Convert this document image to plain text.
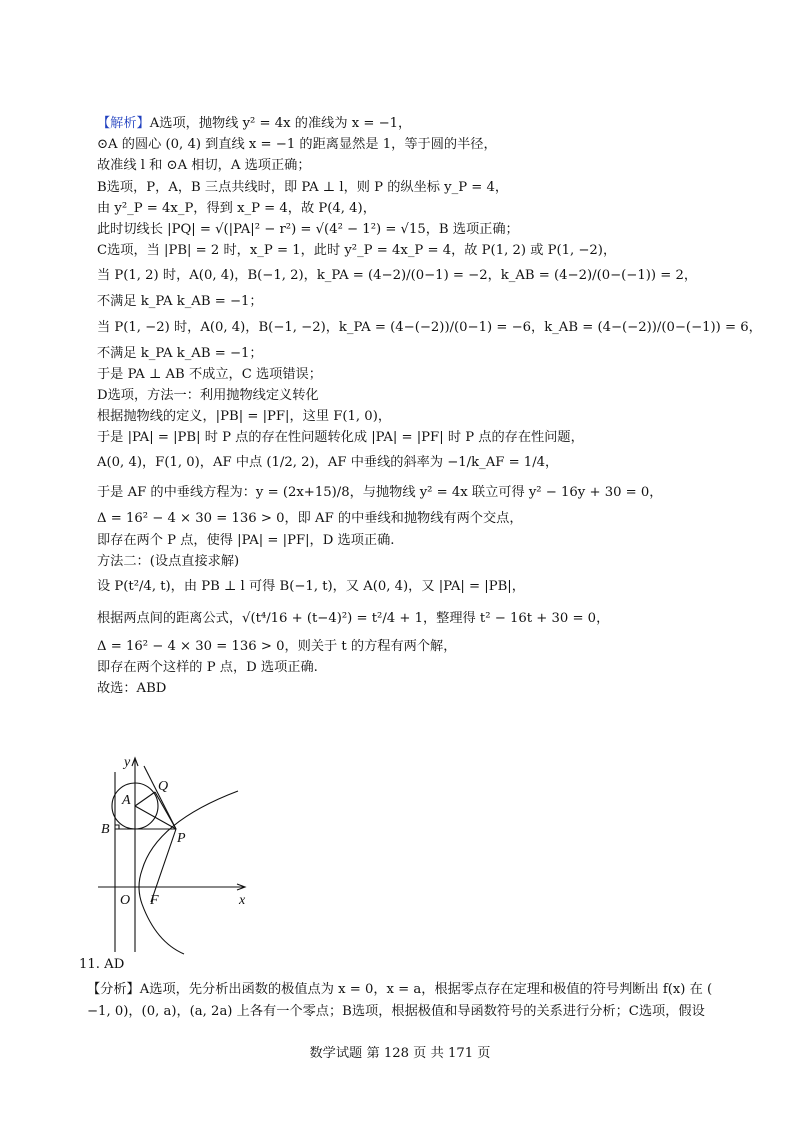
【解析】A选项，抛物线 y² = 4x 的准线为 x = −1，
⊙A 的圆心 (0, 4) 到直线 x = −1 的距离显然是 1，等于圆的半径，
故准线 l 和 ⊙A 相切，A 选项正确；
B选项，P，A，B 三点共线时，即 PA ⊥ l，则 P 的纵坐标 y_P = 4，
由 y²_P = 4x_P，得到 x_P = 4，故 P(4, 4)，
此时切线长 |PQ| = √(|PA|² − r²) = √(4² − 1²) = √15，B 选项正确；
C选项，当 |PB| = 2 时，x_P = 1，此时 y²_P = 4x_P = 4，故 P(1, 2) 或 P(1, −2)，
当 P(1, 2) 时，A(0, 4)，B(−1, 2)，k_PA = (4−2)/(0−1) = −2，k_AB = (4−2)/(0−(−1)) = 2，
不满足 k_PA k_AB = −1；
当 P(1, −2) 时，A(0, 4)，B(−1, −2)，k_PA = (4−(−2))/(0−1) = −6，k_AB = (4−(−2))/(0−(−1)) = 6，
不满足 k_PA k_AB = −1；
于是 PA ⊥ AB 不成立，C 选项错误；
D选项，方法一：利用抛物线定义转化
根据抛物线的定义，|PB| = |PF|，这里 F(1, 0)，
于是 |PA| = |PB| 时 P 点的存在性问题转化成 |PA| = |PF| 时 P 点的存在性问题，
A(0, 4)，F(1, 0)，AF 中点 (1/2, 2)，AF 中垂线的斜率为 −1/k_AF = 1/4，
于是 AF 的中垂线方程为：y = (2x+15)/8，与抛物线 y² = 4x 联立可得 y² − 16y + 30 = 0，
Δ = 16² − 4 × 30 = 136 > 0，即 AF 的中垂线和抛物线有两个交点，
即存在两个 P 点，使得 |PA| = |PF|，D 选项正确.
方法二：(设点直接求解)
设 P(t²/4, t)，由 PB ⊥ l 可得 B(−1, t)，又 A(0, 4)，又 |PA| = |PB|，
根据两点间的距离公式，√(t⁴/16 + (t−4)²) = t²/4 + 1，整理得 t² − 16t + 30 = 0，
Δ = 16² − 4 × 30 = 136 > 0，则关于 t 的方程有两个解，
即存在两个这样的 P 点，D 选项正确.
故选：ABD
y
x
Q
A
B
P
O F
11. AD
【分析】A选项，先分析出函数的极值点为 x = 0，x = a，根据零点存在定理和极值的符号判断出 f(x) 在 (
−1, 0)，(0, a)，(a, 2a) 上各有一个零点；B选项，根据极值和导函数符号的关系进行分析；C选项，假设
数学试题 第 128 页 共 171 页
